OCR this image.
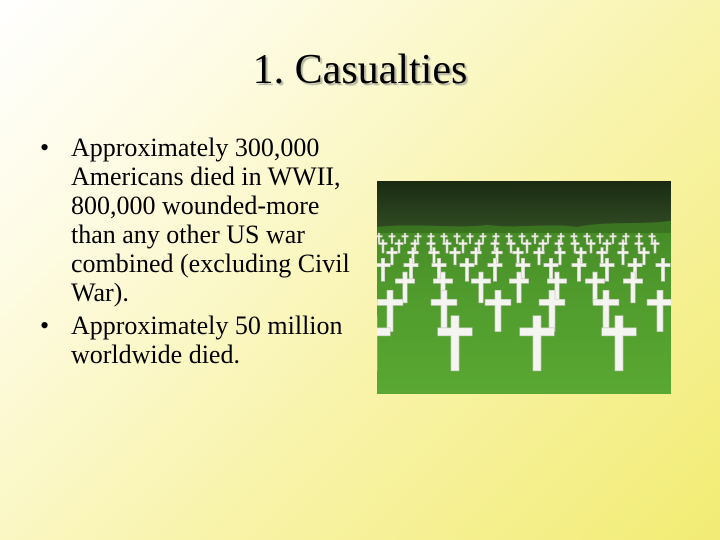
1. Casualties
• Approximately 300,000 Americans died in WWII, 800,000 wounded-more than any other US war combined (excluding Civil War).
• Approximately 50 million worldwide died.
